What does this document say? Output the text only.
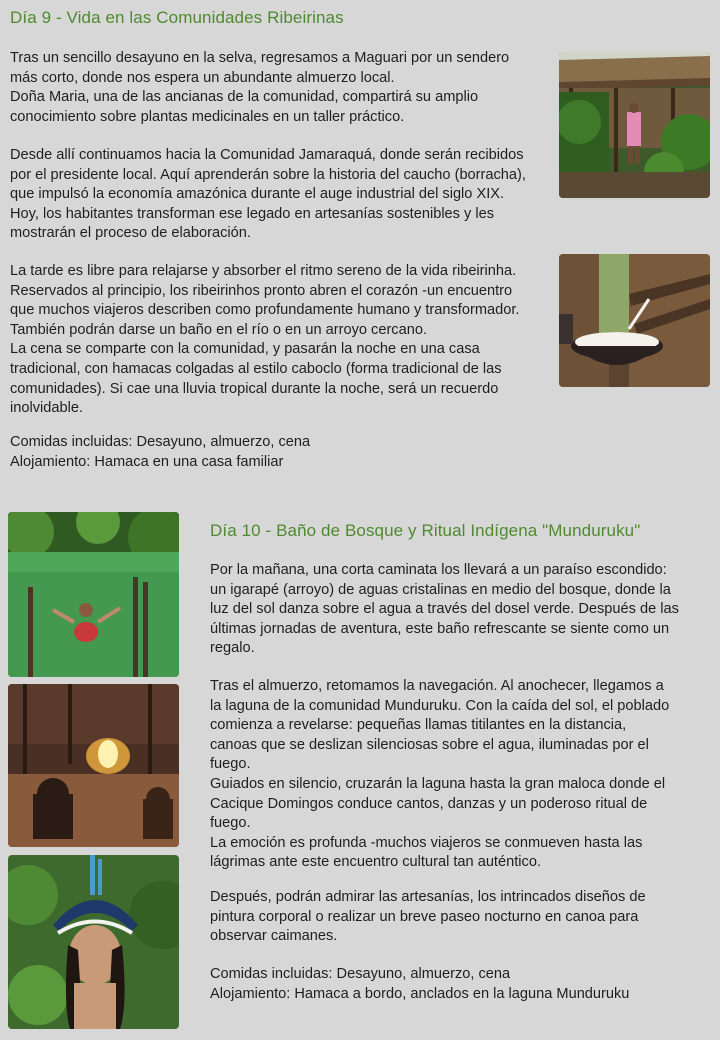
Día 9 - Vida en las Comunidades Ribeirinas
Tras un sencillo desayuno en la selva, regresamos a Maguari por un sendero
más corto, donde nos espera un abundante almuerzo local.
Doña Maria, una de las ancianas de la comunidad, compartirá su amplio
conocimiento sobre plantas medicinales en un taller práctico.
Desde allí continuamos hacia la Comunidad Jamaraquá, donde serán recibidos
por el presidente local. Aquí aprenderán sobre la historia del caucho (borracha),
que impulsó la economía amazónica durante el auge industrial del siglo XIX.
Hoy, los habitantes transforman ese legado en artesanías sostenibles y les
mostrarán el proceso de elaboración.
La tarde es libre para relajarse y absorber el ritmo sereno de la vida ribeirinha.
Reservados al principio, los ribeirinhos pronto abren el corazón -un encuentro
que muchos viajeros describen como profundamente humano y transformador.
También podrán darse un baño en el río o en un arroyo cercano.
La cena se comparte con la comunidad, y pasarán la noche en una casa
tradicional, con hamacas colgadas al estilo caboclo (forma tradicional de las
comunidades). Si cae una lluvia tropical durante la noche, será un recuerdo
inolvidable.
Comidas incluidas: Desayuno, almuerzo, cena
Alojamiento: Hamaca en una casa familiar
Día 10 - Baño de Bosque y Ritual Indígena "Munduruku"
Por la mañana, una corta caminata los llevará a un paraíso escondido:
un igarapé (arroyo) de aguas cristalinas en medio del bosque, donde la
luz del sol danza sobre el agua a través del dosel verde. Después de las
últimas jornadas de aventura, este baño refrescante se siente como un
regalo.
Tras el almuerzo, retomamos la navegación. Al anochecer, llegamos a
la laguna de la comunidad Munduruku. Con la caída del sol, el poblado
comienza a revelarse: pequeñas llamas titilantes en la distancia,
canoas que se deslizan silenciosas sobre el agua, iluminadas por el
fuego.
Guiados en silencio, cruzarán la laguna hasta la gran maloca donde el
Cacique Domingos conduce cantos, danzas y un poderoso ritual de
fuego.
La emoción es profunda -muchos viajeros se conmueven hasta las
lágrimas ante este encuentro cultural tan auténtico.
Después, podrán admirar las artesanías, los intrincados diseños de
pintura corporal o realizar un breve paseo nocturno en canoa para
observar caimanes.
Comidas incluidas: Desayuno, almuerzo, cena
Alojamiento: Hamaca a bordo, anclados en la laguna Munduruku
